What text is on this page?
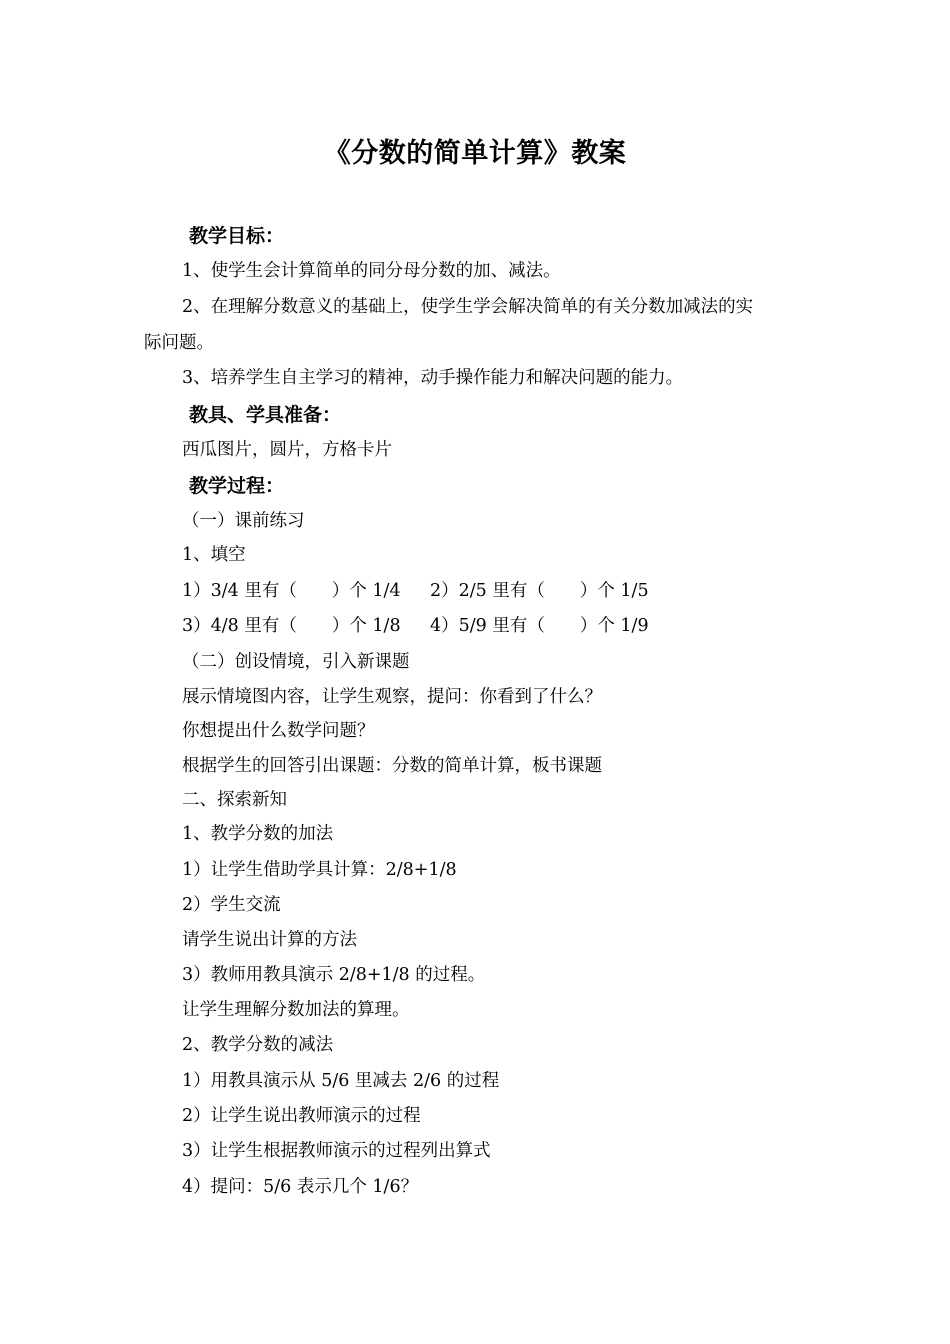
《分数的简单计算》教案
教学目标：
1、使学生会计算简单的同分母分数的加、减法。
2、在理解分数意义的基础上，使学生学会解决简单的有关分数加减法的实
际问题。
3、培养学生自主学习的精神，动手操作能力和解决问题的能力。
教具、学具准备：
西瓜图片，圆片，方格卡片
教学过程：
（一）课前练习
1、填空
1）3/4 里有（　　）个 1/4 2）2/5 里有（　　）个 1/5
3）4/8 里有（　　）个 1/8 4）5/9 里有（　　）个 1/9
（二）创设情境，引入新课题
展示情境图内容，让学生观察，提问：你看到了什么？
你想提出什么数学问题？
根据学生的回答引出课题：分数的简单计算，板书课题
二、探索新知
1、教学分数的加法
1）让学生借助学具计算：2/8+1/8
2）学生交流
请学生说出计算的方法
3）教师用教具演示 2/8+1/8 的过程。
让学生理解分数加法的算理。
2、教学分数的减法
1）用教具演示从 5/6 里减去 2/6 的过程
2）让学生说出教师演示的过程
3）让学生根据教师演示的过程列出算式
4）提问：5/6 表示几个 1/6？
